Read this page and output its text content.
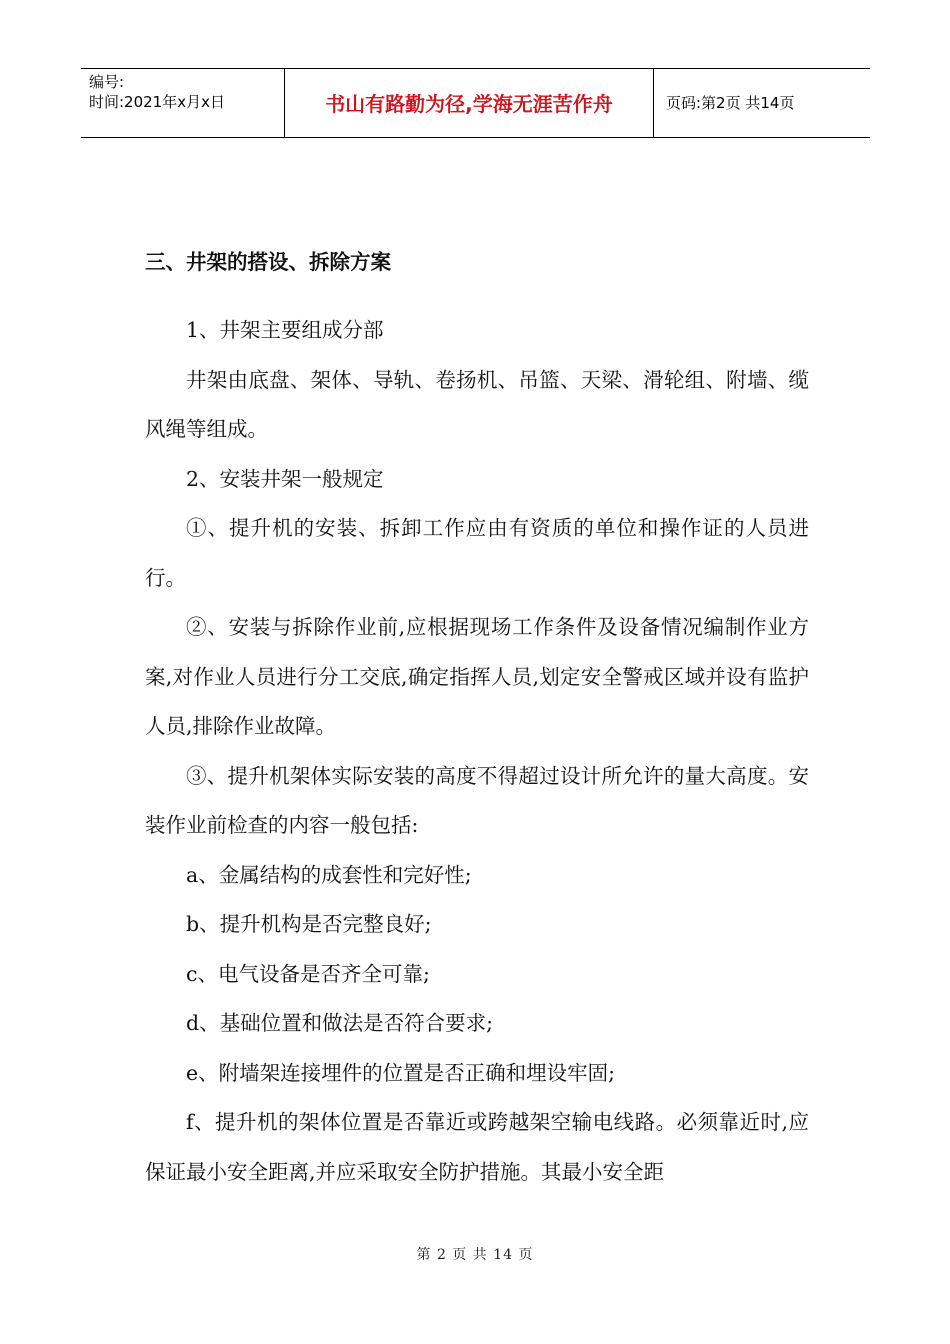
编号:
时间:2021年x月x日	书山有路勤为径,学海无涯苦作舟	页码:第2页 共14页
三、井架的搭设、拆除方案

1、井架主要组成分部

井架由底盘、架体、导轨、卷扬机、吊篮、天梁、滑轮组、附墙、缆风绳等组成。

2、安装井架一般规定

①、提升机的安装、拆卸工作应由有资质的单位和操作证的人员进行。

②、安装与拆除作业前,应根据现场工作条件及设备情况编制作业方案,对作业人员进行分工交底,确定指挥人员,划定安全警戒区域并设有监护人员,排除作业故障。

③、提升机架体实际安装的高度不得超过设计所允许的量大高度。安装作业前检查的内容一般包括:

a、金属结构的成套性和完好性;

b、提升机构是否完整良好;

c、电气设备是否齐全可靠;

d、基础位置和做法是否符合要求;

e、附墙架连接埋件的位置是否正确和埋设牢固;

f、提升机的架体位置是否靠近或跨越架空输电线路。必须靠近时,应保证最小安全距离,并应采取安全防护措施。其最小安全距

第 2 页 共 14 页
